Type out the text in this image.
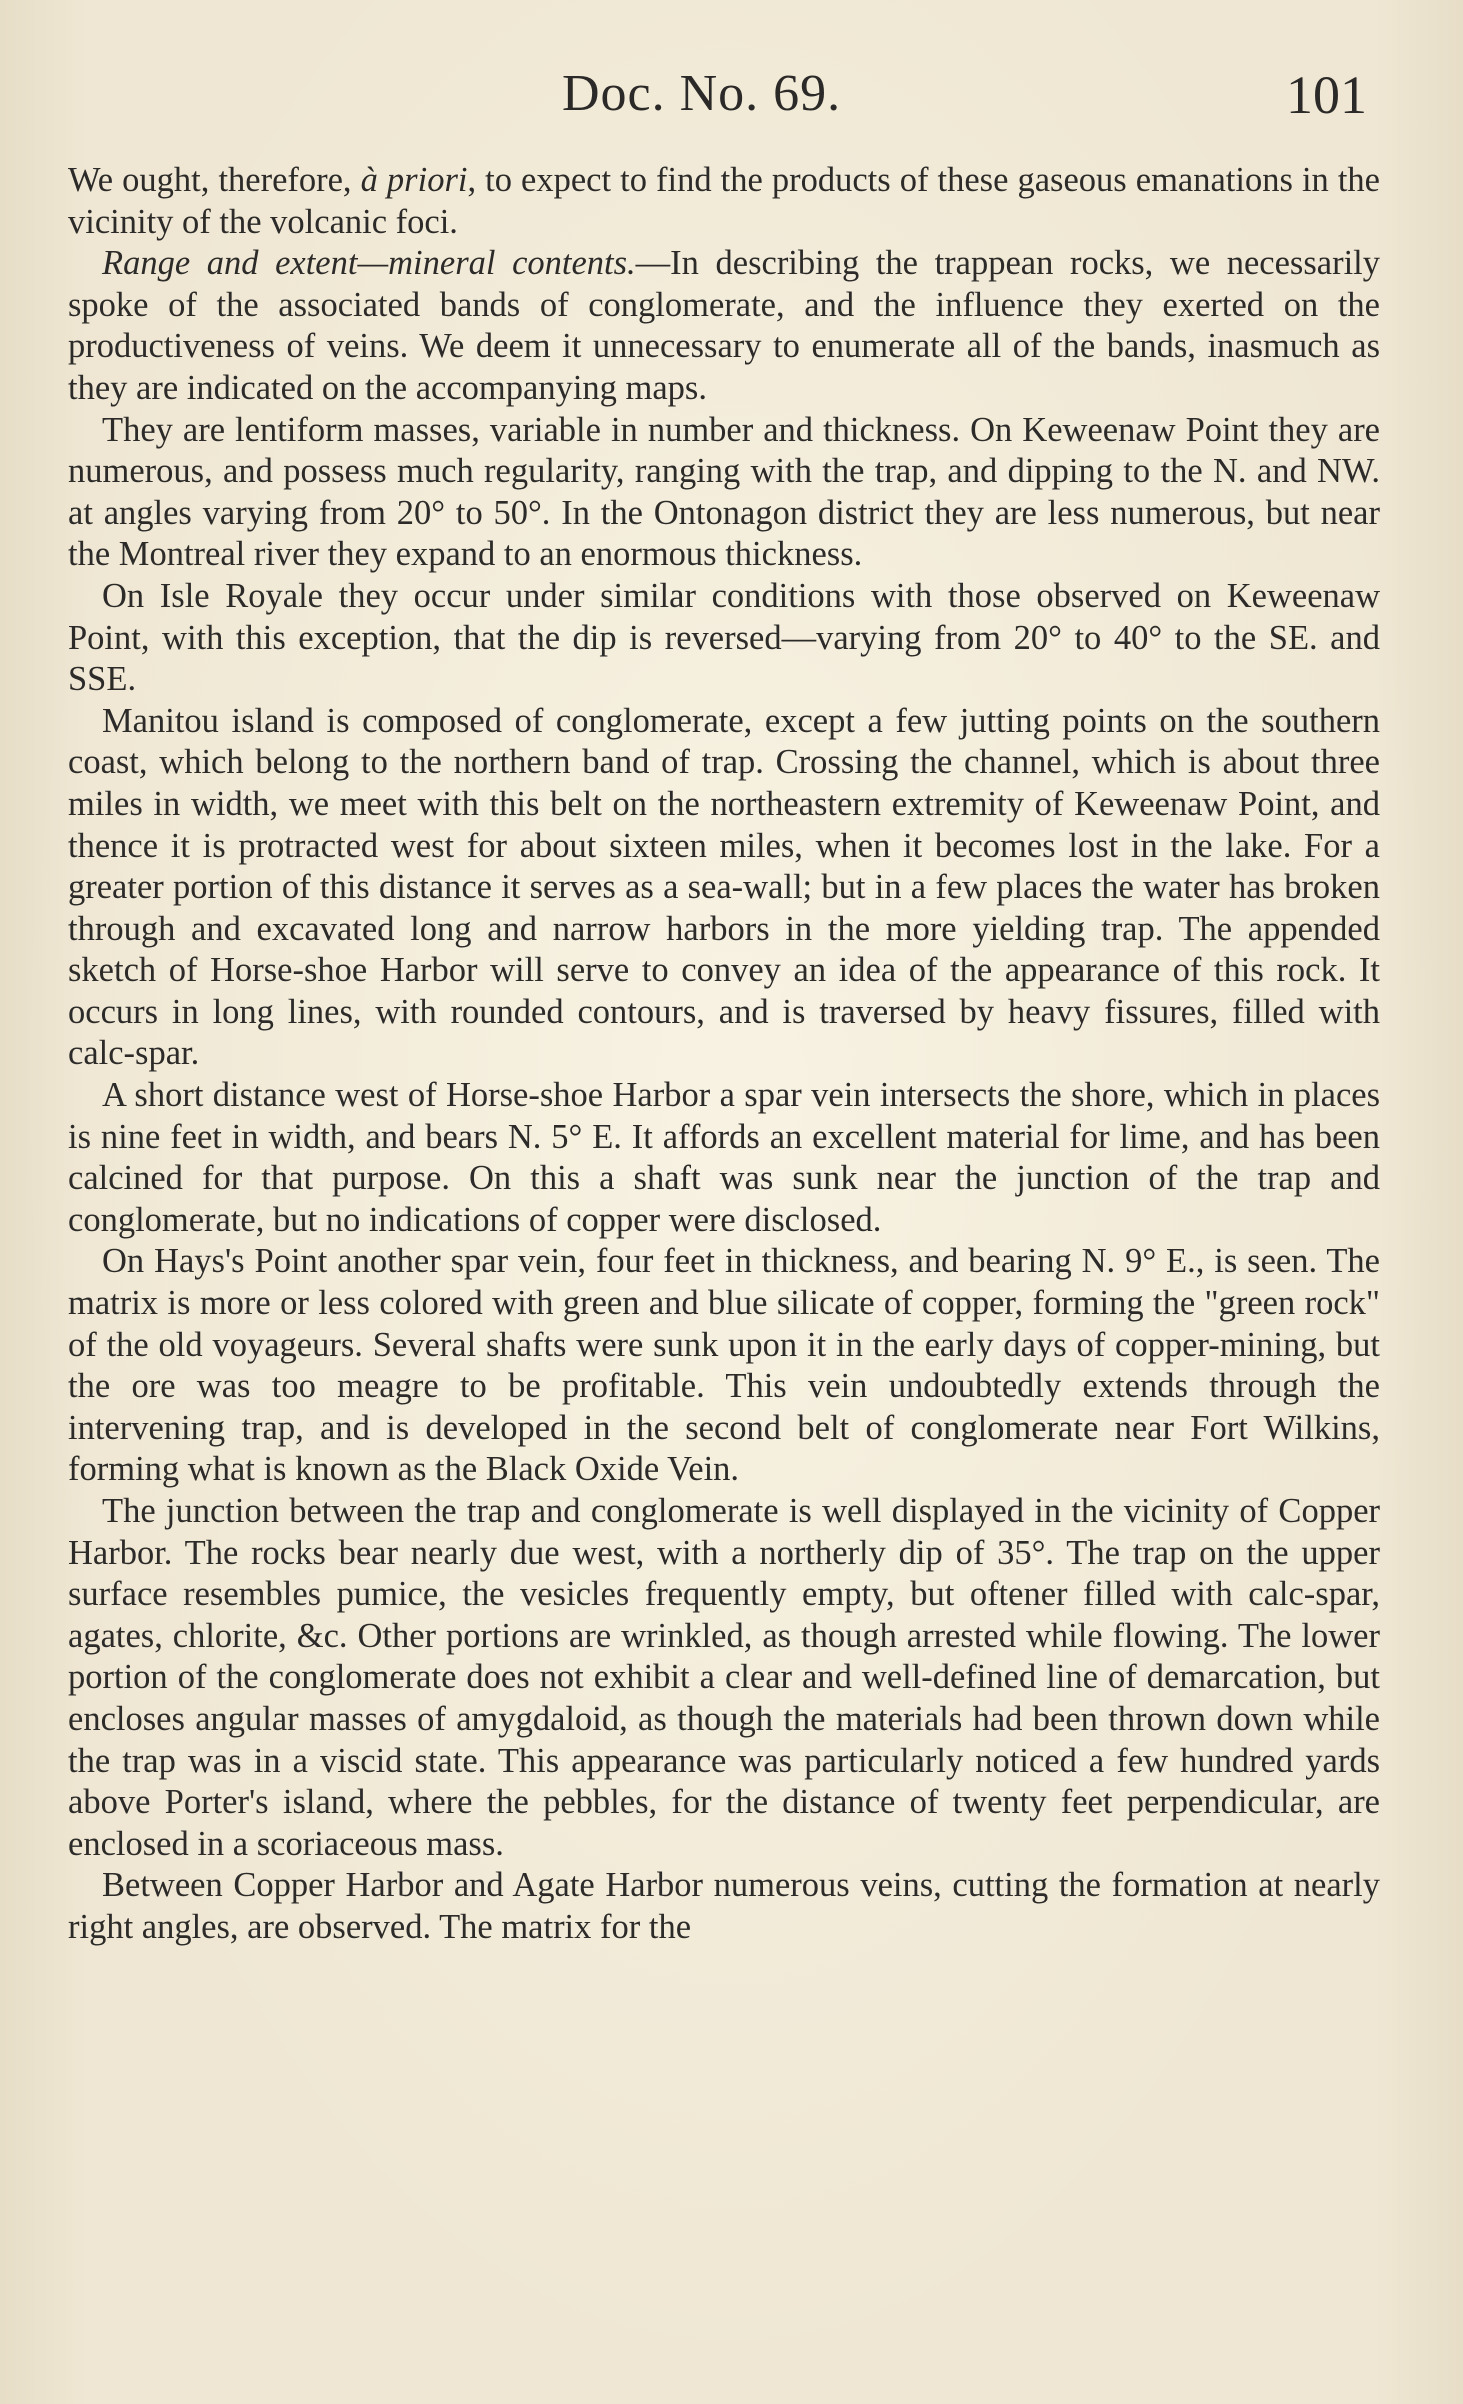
Doc. No. 69.	101

We ought, therefore, à priori, to expect to find the products of these gaseous emanations in the vicinity of the volcanic foci.

Range and extent—mineral contents.—In describing the trappean rocks, we necessarily spoke of the associated bands of conglomerate, and the influence they exerted on the productiveness of veins. We deem it unnecessary to enumerate all of the bands, inasmuch as they are indicated on the accompanying maps.

They are lentiform masses, variable in number and thickness. On Keweenaw Point they are numerous, and possess much regularity, ranging with the trap, and dipping to the N. and NW. at angles varying from 20° to 50°. In the Ontonagon district they are less numerous, but near the Montreal river they expand to an enormous thickness.

On Isle Royale they occur under similar conditions with those observed on Keweenaw Point, with this exception, that the dip is reversed—varying from 20° to 40° to the SE. and SSE.

Manitou island is composed of conglomerate, except a few jutting points on the southern coast, which belong to the northern band of trap. Crossing the channel, which is about three miles in width, we meet with this belt on the northeastern extremity of Keweenaw Point, and thence it is protracted west for about sixteen miles, when it becomes lost in the lake. For a greater portion of this distance it serves as a sea-wall; but in a few places the water has broken through and excavated long and narrow harbors in the more yielding trap. The appended sketch of Horse-shoe Harbor will serve to convey an idea of the appearance of this rock. It occurs in long lines, with rounded contours, and is traversed by heavy fissures, filled with calc-spar.

A short distance west of Horse-shoe Harbor a spar vein intersects the shore, which in places is nine feet in width, and bears N. 5° E. It affords an excellent material for lime, and has been calcined for that purpose. On this a shaft was sunk near the junction of the trap and conglomerate, but no indications of copper were disclosed.

On Hays's Point another spar vein, four feet in thickness, and bearing N. 9° E., is seen. The matrix is more or less colored with green and blue silicate of copper, forming the "green rock" of the old voyageurs. Several shafts were sunk upon it in the early days of copper-mining, but the ore was too meagre to be profitable. This vein undoubtedly extends through the intervening trap, and is developed in the second belt of conglomerate near Fort Wilkins, forming what is known as the Black Oxide Vein.

The junction between the trap and conglomerate is well displayed in the vicinity of Copper Harbor. The rocks bear nearly due west, with a northerly dip of 35°. The trap on the upper surface resembles pumice, the vesicles frequently empty, but oftener filled with calc-spar, agates, chlorite, &c. Other portions are wrinkled, as though arrested while flowing. The lower portion of the conglomerate does not exhibit a clear and well-defined line of demarcation, but encloses angular masses of amygdaloid, as though the materials had been thrown down while the trap was in a viscid state. This appearance was particularly noticed a few hundred yards above Porter's island, where the pebbles, for the distance of twenty feet perpendicular, are enclosed in a scoriaceous mass.

Between Copper Harbor and Agate Harbor numerous veins, cutting the formation at nearly right angles, are observed. The matrix for the
